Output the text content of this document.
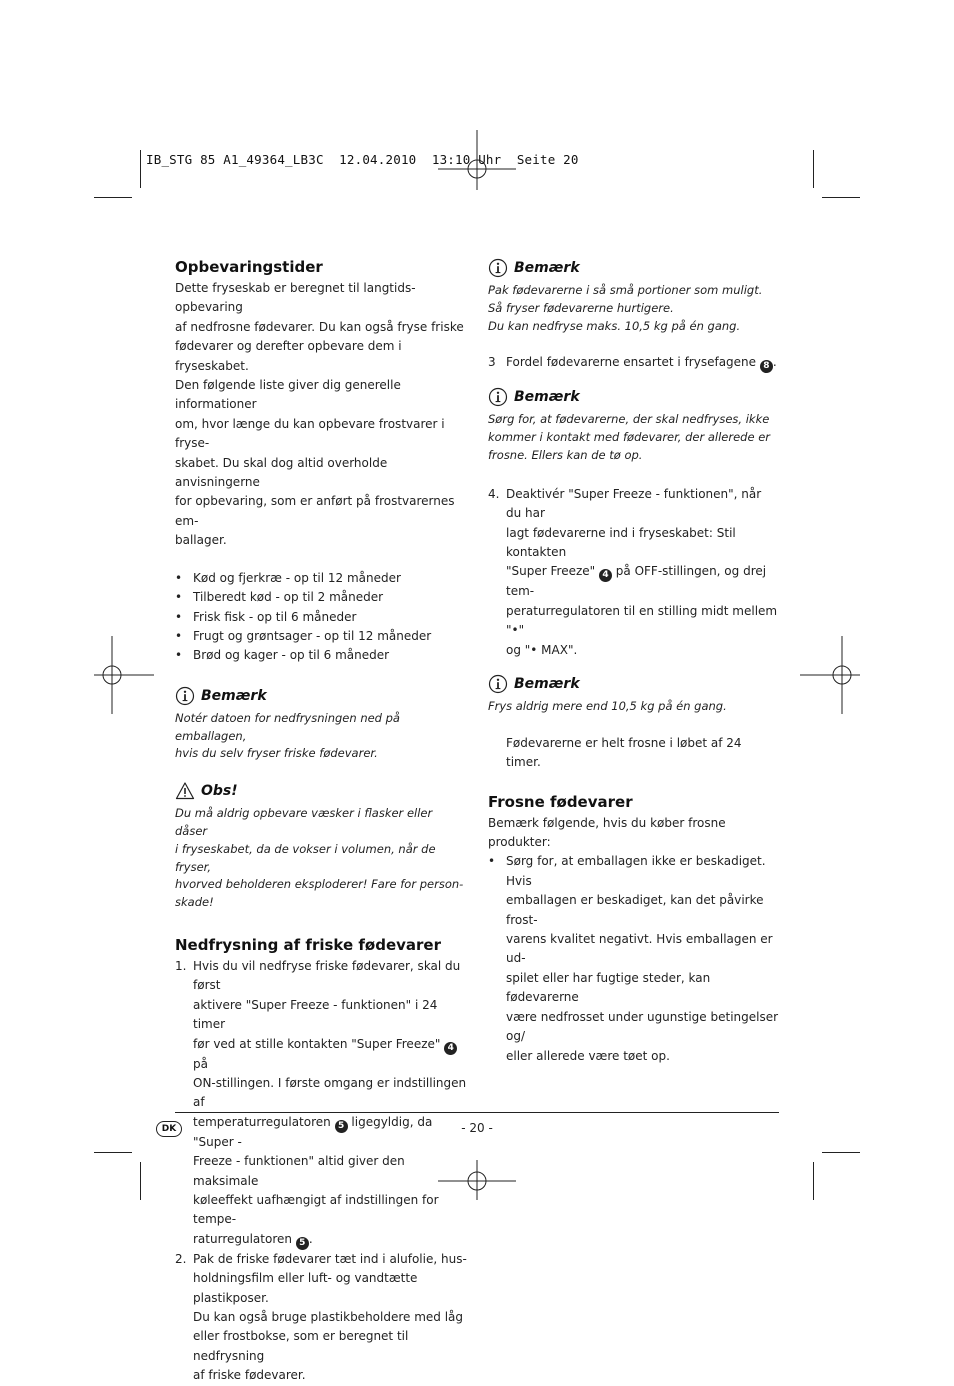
IB_STG 85 A1_49364_LB3C  12.04.2010  13:10 Uhr  Seite 20
Opbevaringstider
Dette fryseskab er beregnet til langtids-opbevaring
af nedfrosne fødevarer. Du kan også fryse friske
fødevarer og derefter opbevare dem i fryseskabet.
Den følgende liste giver dig generelle informationer
om, hvor længe du kan opbevare frostvarer i fryse-
skabet. Du skal dog altid overholde anvisningerne
for opbevaring, som er anført på frostvarernes em-
ballager.
• Kød og fjerkræ - op til 12 måneder
• Tilberedt kød - op til 2 måneder
• Frisk fisk - op til 6 måneder
• Frugt og grøntsager - op til 12 måneder
• Brød og kager - op til 6 måneder
Bemærk
Notér datoen for nedfrysningen ned på emballagen,
hvis du selv fryser friske fødevarer.
Obs!
Du må aldrig opbevare væsker i flasker eller dåser
i fryseskabet, da de vokser i volumen, når de fryser,
hvorved beholderen eksploderer! Fare for person-
skade!
Nedfrysning af friske fødevarer
1. Hvis du vil nedfryse friske fødevarer, skal du først
aktivere "Super Freeze - funktionen" i 24 timer
før ved at stille kontakten "Super Freeze" 4 på
ON-stillingen. I første omgang er indstillingen af
temperaturregulatoren 5 ligegyldig, da "Super -
Freeze - funktionen" altid giver den maksimale
køleeffekt uafhængigt af indstillingen for tempe-
raturregulatoren 5 .
2. Pak de friske fødevarer tæt ind i alufolie, hus-
holdningsfilm eller luft- og vandtætte plastikposer.
Du kan også bruge plastikbeholdere med låg
eller frostbokse, som er beregnet til nedfrysning
af friske fødevarer.
Bemærk
Pak fødevarerne i så små portioner som muligt.
Så fryser fødevarerne hurtigere.
Du kan nedfryse maks. 10,5 kg på én gang.
3 Fordel fødevarerne ensartet i frysefagene 8 .
Bemærk
Sørg for, at fødevarerne, der skal nedfryses, ikke
kommer i kontakt med fødevarer, der allerede er
frosne. Ellers kan de tø op.
4. Deaktivér "Super Freeze - funktionen", når du har
lagt fødevarerne ind i fryseskabet: Stil kontakten
"Super Freeze" 4 på OFF-stillingen, og drej tem-
peraturregulatoren til en stilling midt mellem "•"
og "• MAX".
Bemærk
Frys aldrig mere end 10,5 kg på én gang.
Fødevarerne er helt frosne i løbet af 24 timer.
Frosne fødevarer
Bemærk følgende, hvis du køber frosne produkter:
• Sørg for, at emballagen ikke er beskadiget. Hvis
emballagen er beskadiget, kan det påvirke frost-
varens kvalitet negativt. Hvis emballagen er ud-
spilet eller har fugtige steder, kan fødevarerne
være nedfrosset under ugunstige betingelser og/
eller allerede være tøet op.
DK	- 20 -
